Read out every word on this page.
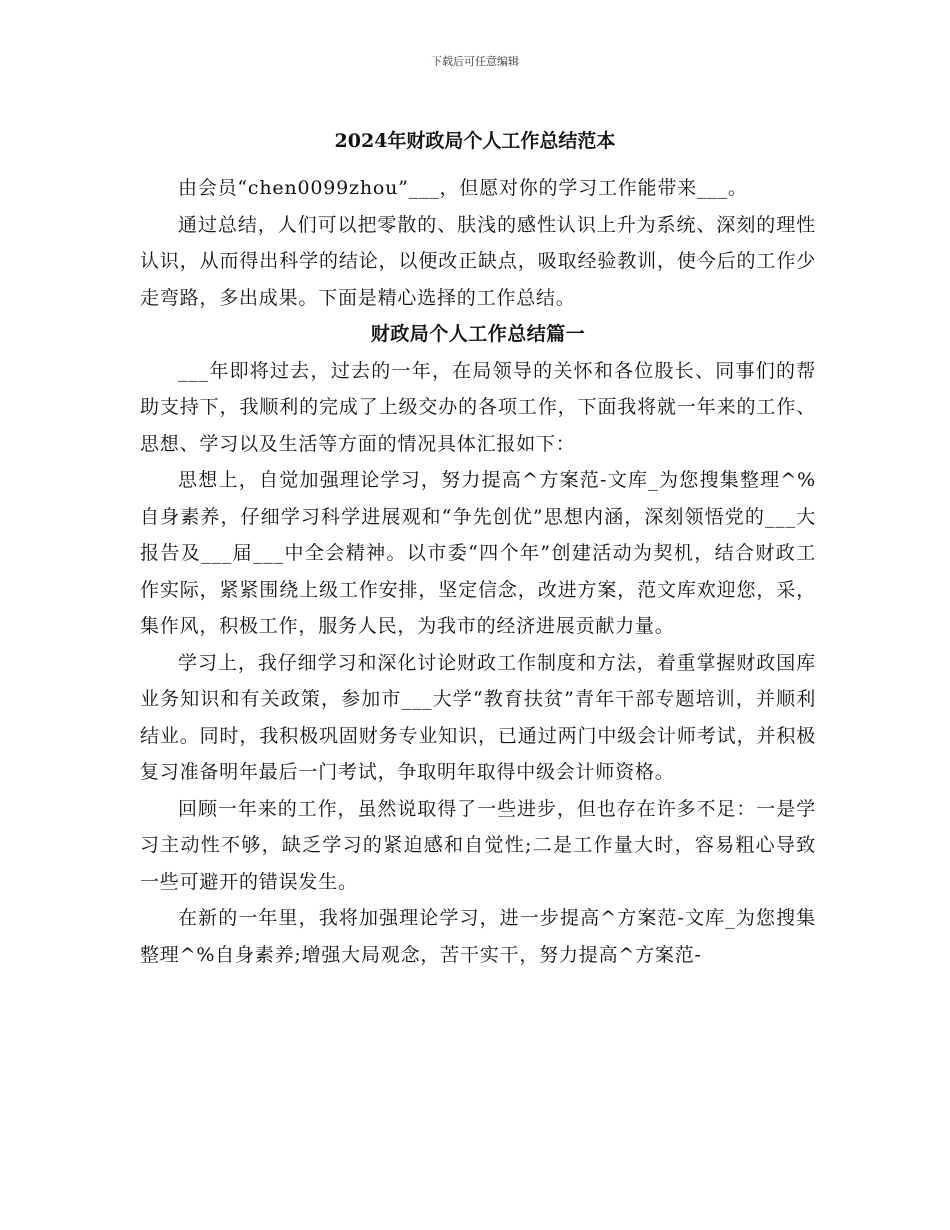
下载后可任意编辑
2024年财政局个人工作总结范本

由会员“chen0099zhou”___，但愿对你的学习工作能带来___。

通过总结，人们可以把零散的、肤浅的感性认识上升为系统、深刻的理性认识，从而得出科学的结论，以便改正缺点，吸取经验教训，使今后的工作少走弯路，多出成果。下面是精心选择的工作总结。

财政局个人工作总结篇一

___年即将过去，过去的一年，在局领导的关怀和各位股长、同事们的帮助支持下，我顺利的完成了上级交办的各项工作，下面我将就一年来的工作、思想、学习以及生活等方面的情况具体汇报如下：

思想上，自觉加强理论学习，努力提高^方案范-文库_为您搜集整理^%自身素养，仔细学习科学进展观和“争先创优”思想内涵，深刻领悟党的___大报告及___届___中全会精神。以市委“四个年”创建活动为契机，结合财政工作实际，紧紧围绕上级工作安排，坚定信念，改进方案，范文库欢迎您，采，集作风，积极工作，服务人民，为我市的经济进展贡献力量。

学习上，我仔细学习和深化讨论财政工作制度和方法，着重掌握财政国库业务知识和有关政策，参加市___大学“教育扶贫”青年干部专题培训，并顺利结业。同时，我积极巩固财务专业知识，已通过两门中级会计师考试，并积极复习准备明年最后一门考试，争取明年取得中级会计师资格。

回顾一年来的工作，虽然说取得了一些进步，但也存在许多不足：一是学习主动性不够，缺乏学习的紧迫感和自觉性;二是工作量大时，容易粗心导致一些可避开的错误发生。

在新的一年里，我将加强理论学习，进一步提高^方案范-文库_为您搜集整理^%自身素养;增强大局观念，苦干实干，努力提高^方案范-
